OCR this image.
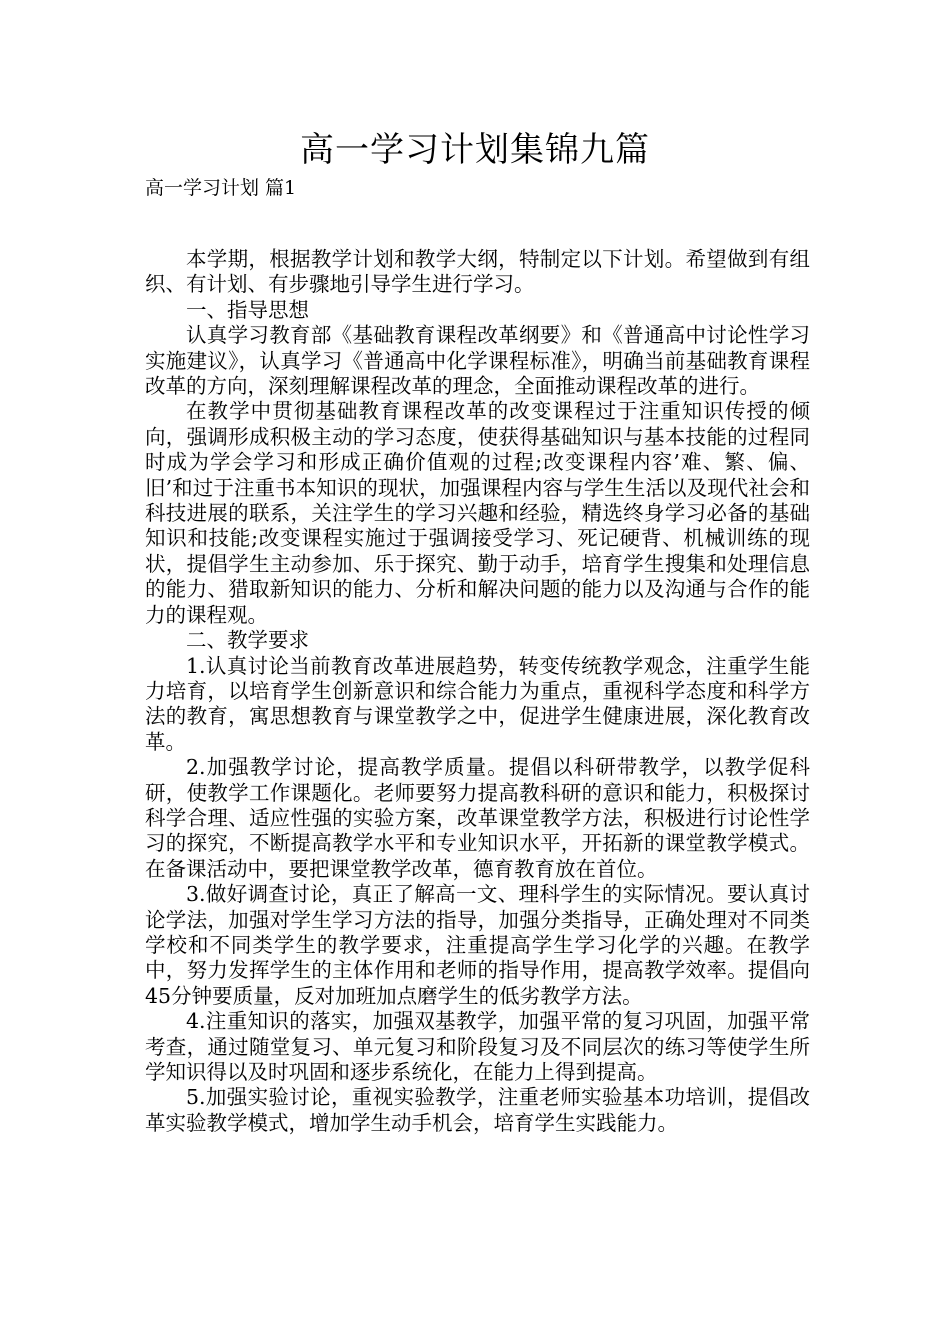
高一学习计划集锦九篇
高一学习计划 篇1

本学期，根据教学计划和教学大纲，特制定以下计划。希望做到有组织、有计划、有步骤地引导学生进行学习。

一、指导思想

认真学习教育部《基础教育课程改革纲要》和《普通高中讨论性学习实施建议》，认真学习《普通高中化学课程标准》，明确当前基础教育课程改革的方向，深刻理解课程改革的理念，全面推动课程改革的进行。

在教学中贯彻基础教育课程改革的改变课程过于注重知识传授的倾向，强调形成积极主动的学习态度，使获得基础知识与基本技能的过程同时成为学会学习和形成正确价值观的过程;改变课程内容’难、繁、偏、旧’和过于注重书本知识的现状，加强课程内容与学生生活以及现代社会和科技进展的联系，关注学生的学习兴趣和经验，精选终身学习必备的基础知识和技能;改变课程实施过于强调接受学习、死记硬背、机械训练的现状，提倡学生主动参加、乐于探究、勤于动手，培育学生搜集和处理信息的能力、猎取新知识的能力、分析和解决问题的能力以及沟通与合作的能力的课程观。

二、教学要求

1.认真讨论当前教育改革进展趋势，转变传统教学观念，注重学生能力培育，以培育学生创新意识和综合能力为重点，重视科学态度和科学方法的教育，寓思想教育与课堂教学之中，促进学生健康进展，深化教育改革。

2.加强教学讨论，提高教学质量。提倡以科研带教学，以教学促科研，使教学工作课题化。老师要努力提高教科研的意识和能力，积极探讨科学合理、适应性强的实验方案，改革课堂教学方法，积极进行讨论性学习的探究，不断提高教学水平和专业知识水平，开拓新的课堂教学模式。在备课活动中，要把课堂教学改革，德育教育放在首位。

3.做好调查讨论，真正了解高一文、理科学生的实际情况。要认真讨论学法，加强对学生学习方法的指导，加强分类指导，正确处理对不同类学校和不同类学生的教学要求，注重提高学生学习化学的兴趣。在教学中，努力发挥学生的主体作用和老师的指导作用，提高教学效率。提倡向45分钟要质量，反对加班加点磨学生的低劣教学方法。

4.注重知识的落实，加强双基教学，加强平常的复习巩固，加强平常考查，通过随堂复习、单元复习和阶段复习及不同层次的练习等使学生所学知识得以及时巩固和逐步系统化，在能力上得到提高。

5.加强实验讨论，重视实验教学，注重老师实验基本功培训，提倡改革实验教学模式，增加学生动手机会，培育学生实践能力。
